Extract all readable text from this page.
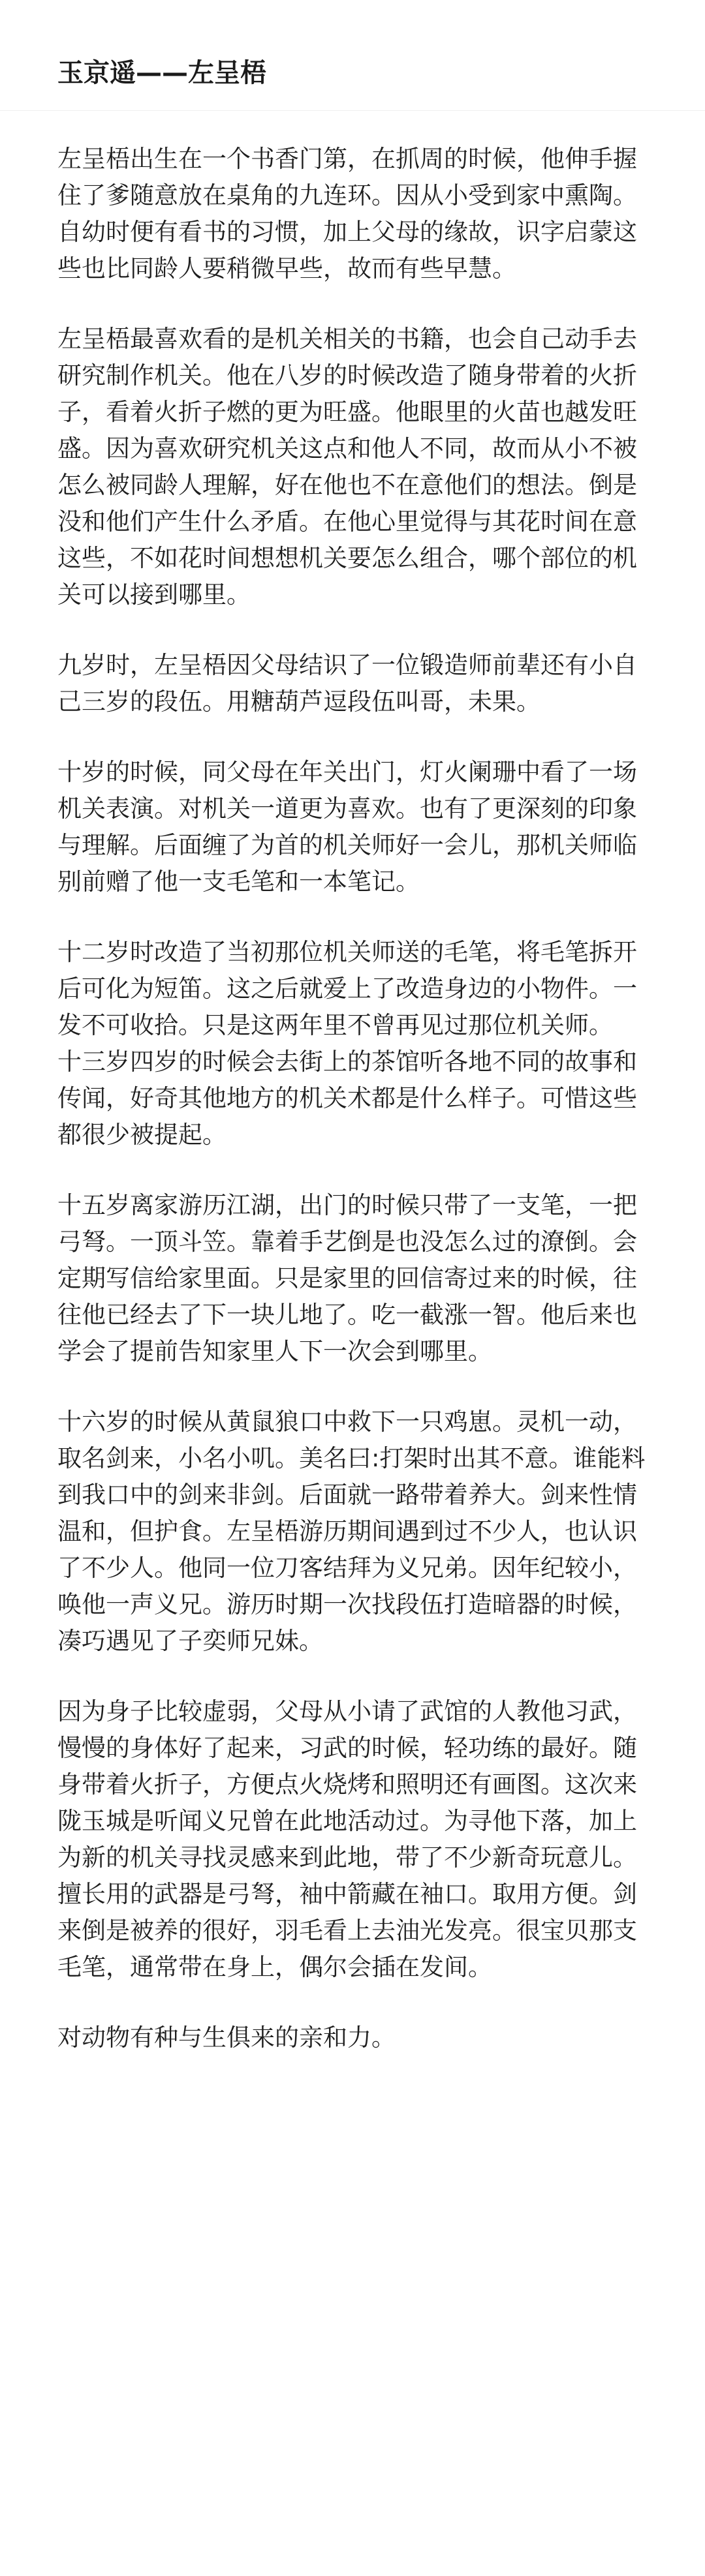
玉京遥——左呈梧

左呈梧出生在一个书香门第，在抓周的时候，他伸手握住了爹随意放在桌角的九连环。因从小受到家中熏陶。自幼时便有看书的习惯，加上父母的缘故，识字启蒙这些也比同龄人要稍微早些，故而有些早慧。

左呈梧最喜欢看的是机关相关的书籍，也会自己动手去研究制作机关。他在八岁的时候改造了随身带着的火折子，看着火折子燃的更为旺盛。他眼里的火苗也越发旺盛。因为喜欢研究机关这点和他人不同，故而从小不被怎么被同龄人理解，好在他也不在意他们的想法。倒是没和他们产生什么矛盾。在他心里觉得与其花时间在意这些，不如花时间想想机关要怎么组合，哪个部位的机关可以接到哪里。

九岁时，左呈梧因父母结识了一位锻造师前辈还有小自己三岁的段伍。用糖葫芦逗段伍叫哥，未果。

十岁的时候，同父母在年关出门，灯火阑珊中看了一场机关表演。对机关一道更为喜欢。也有了更深刻的印象与理解。后面缠了为首的机关师好一会儿，那机关师临别前赠了他一支毛笔和一本笔记。

十二岁时改造了当初那位机关师送的毛笔，将毛笔拆开后可化为短笛。这之后就爱上了改造身边的小物件。一发不可收拾。只是这两年里不曾再见过那位机关师。

十三岁四岁的时候会去街上的茶馆听各地不同的故事和传闻，好奇其他地方的机关术都是什么样子。可惜这些都很少被提起。

十五岁离家游历江湖，出门的时候只带了一支笔，一把弓弩。一顶斗笠。靠着手艺倒是也没怎么过的潦倒。会定期写信给家里面。只是家里的回信寄过来的时候，往往他已经去了下一块儿地了。吃一截涨一智。他后来也学会了提前告知家里人下一次会到哪里。

十六岁的时候从黄鼠狼口中救下一只鸡崽。灵机一动，取名剑来，小名小叽。美名曰:打架时出其不意。谁能料到我口中的剑来非剑。后面就一路带着养大。剑来性情温和，但护食。左呈梧游历期间遇到过不少人，也认识了不少人。他同一位刀客结拜为义兄弟。因年纪较小，唤他一声义兄。游历时期一次找段伍打造暗器的时候，凑巧遇见了子奕师兄妹。

因为身子比较虚弱，父母从小请了武馆的人教他习武，慢慢的身体好了起来，习武的时候，轻功练的最好。随身带着火折子，方便点火烧烤和照明还有画图。这次来陇玉城是听闻义兄曾在此地活动过。为寻他下落，加上为新的机关寻找灵感来到此地，带了不少新奇玩意儿。

擅长用的武器是弓弩，袖中箭藏在袖口。取用方便。剑来倒是被养的很好，羽毛看上去油光发亮。很宝贝那支毛笔，通常带在身上，偶尔会插在发间。

对动物有种与生俱来的亲和力。
